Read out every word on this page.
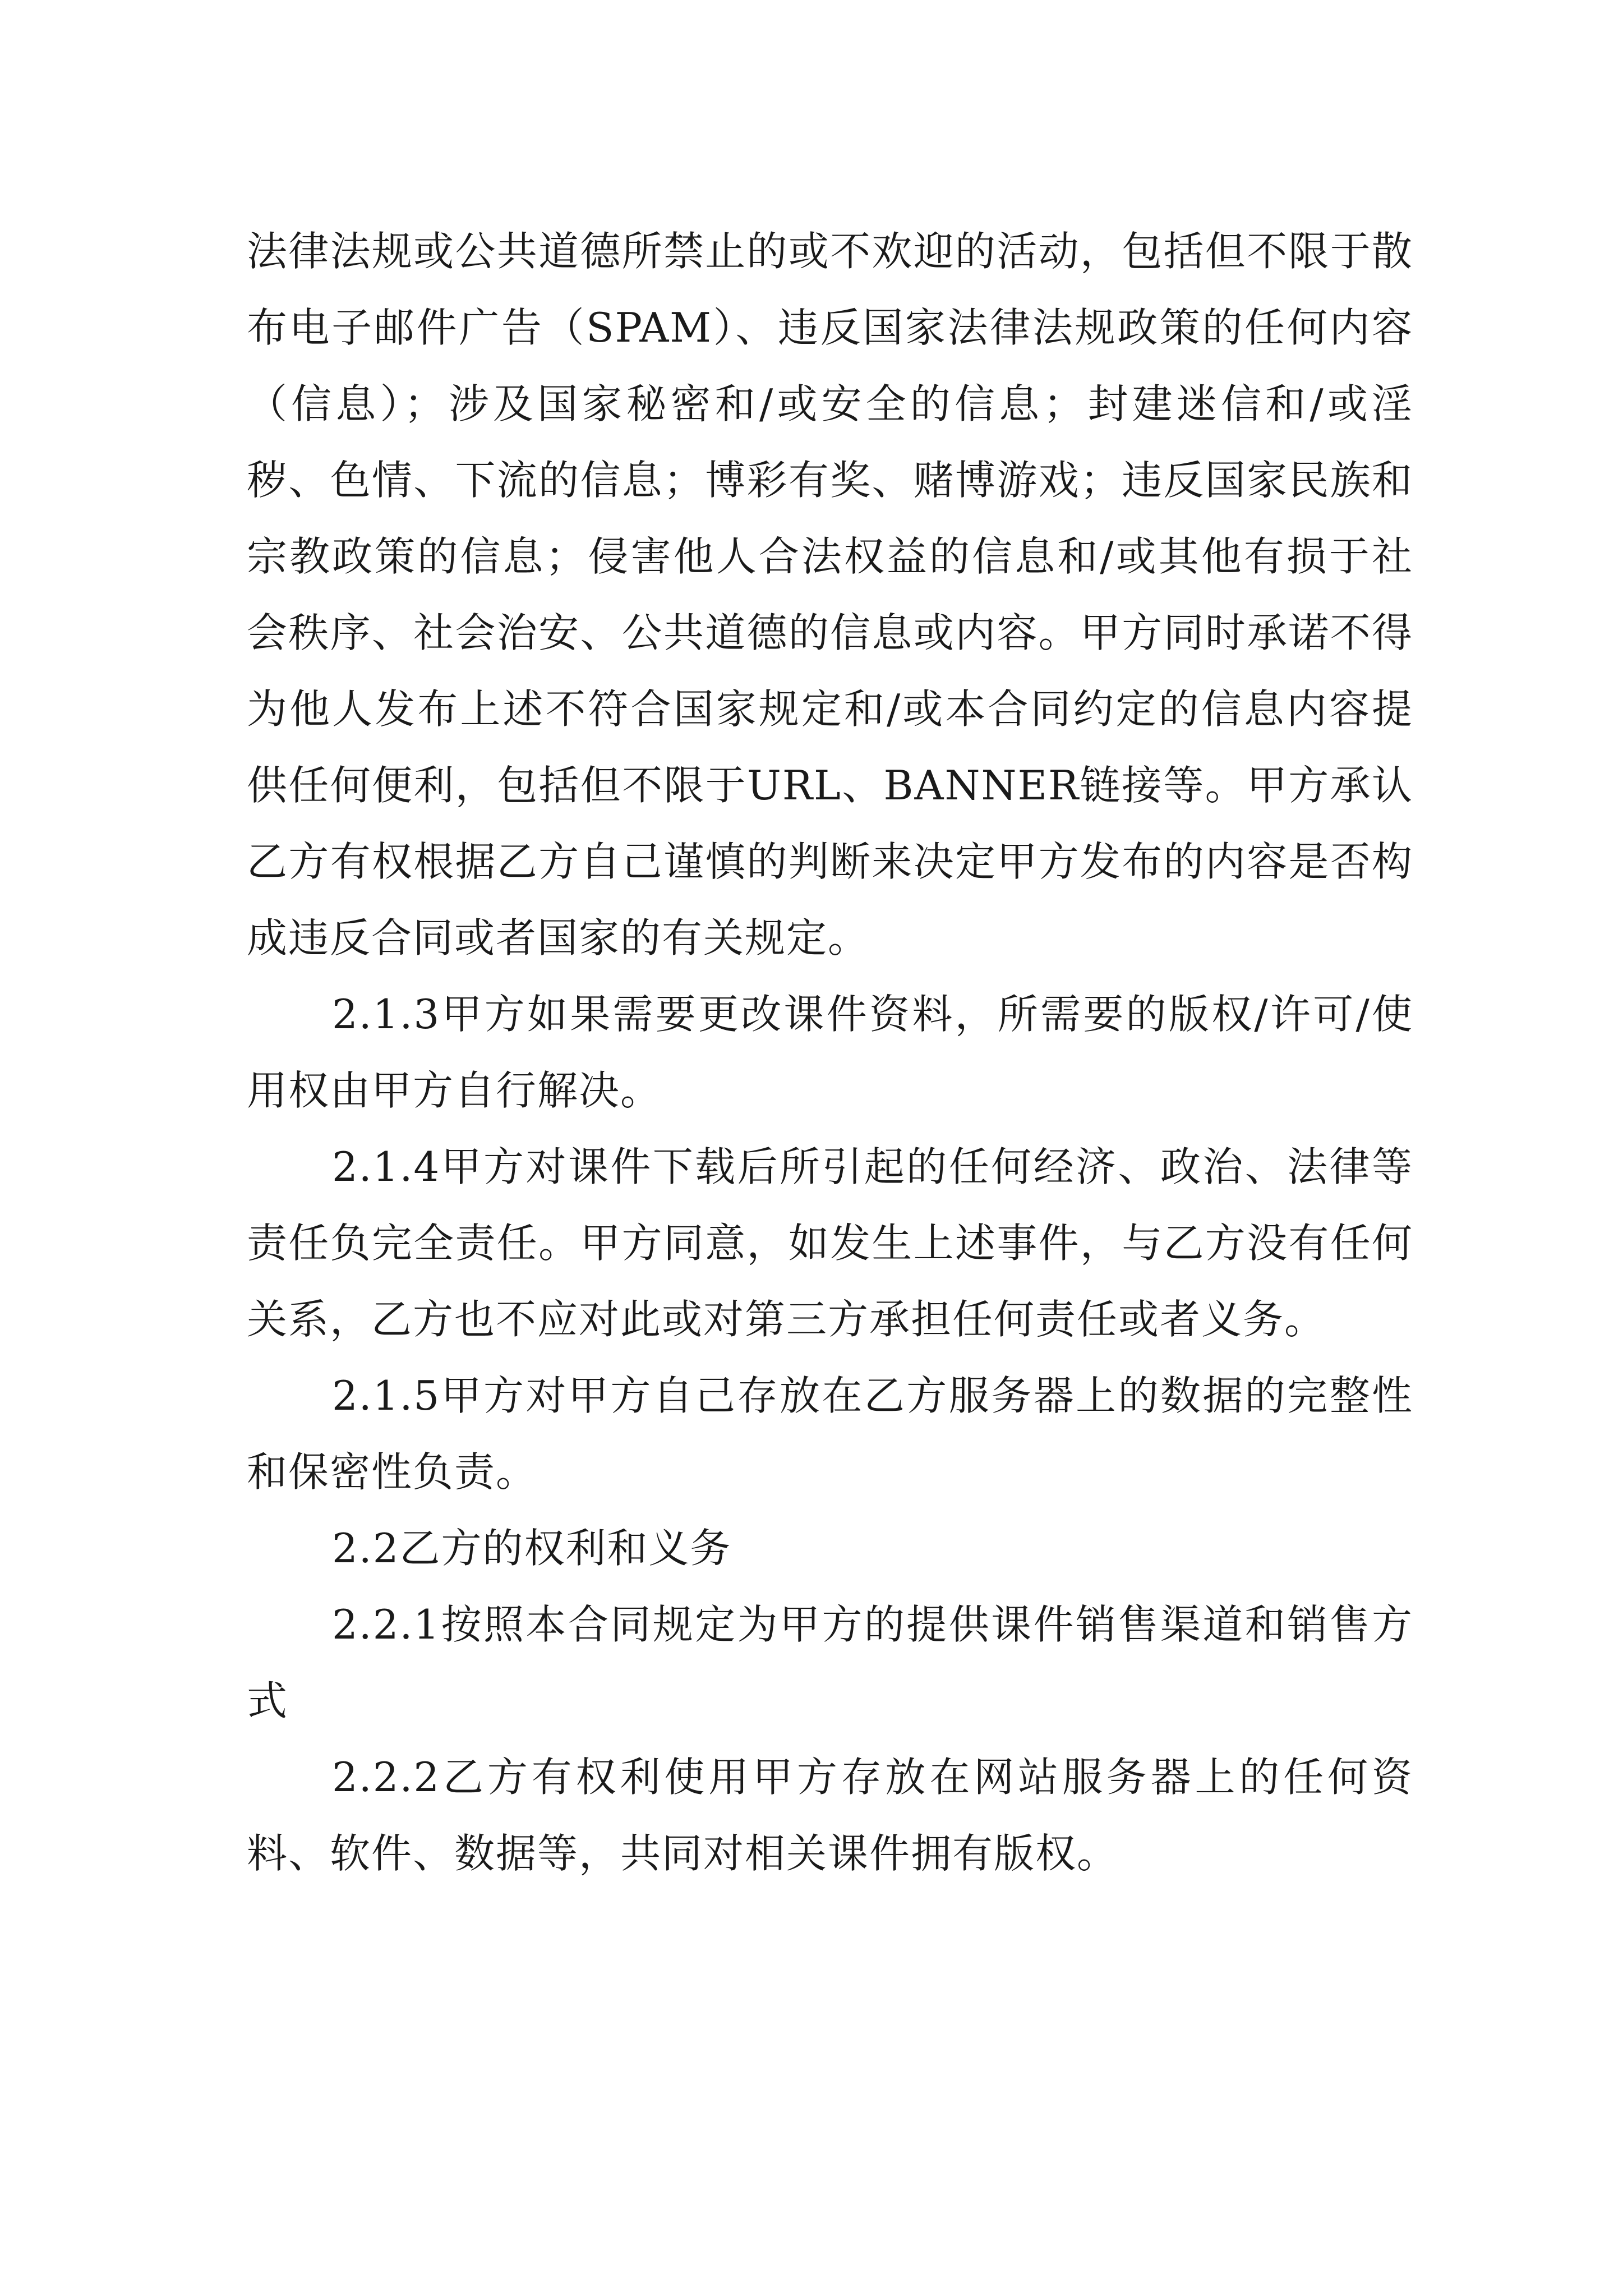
法律法规或公共道德所禁止的或不欢迎的活动，包括但不限于散布电子邮件广告（SPAM）、违反国家法律法规政策的任何内容（信息）；涉及国家秘密和/或安全的信息；封建迷信和/或淫秽、色情、下流的信息；博彩有奖、赌博游戏；违反国家民族和宗教政策的信息；侵害他人合法权益的信息和/或其他有损于社会秩序、社会治安、公共道德的信息或内容。甲方同时承诺不得为他人发布上述不符合国家规定和/或本合同约定的信息内容提供任何便利，包括但不限于URL、BANNER链接等。甲方承认乙方有权根据乙方自己谨慎的判断来决定甲方发布的内容是否构成违反合同或者国家的有关规定。

2.1.3甲方如果需要更改课件资料，所需要的版权/许可/使用权由甲方自行解决。

2.1.4甲方对课件下载后所引起的任何经济、政治、法律等责任负完全责任。甲方同意，如发生上述事件，与乙方没有任何关系，乙方也不应对此或对第三方承担任何责任或者义务。

2.1.5甲方对甲方自己存放在乙方服务器上的数据的完整性和保密性负责。

2.2乙方的权利和义务

2.2.1按照本合同规定为甲方的提供课件销售渠道和销售方式

2.2.2乙方有权利使用甲方存放在网站服务器上的任何资料、软件、数据等，共同对相关课件拥有版权。
